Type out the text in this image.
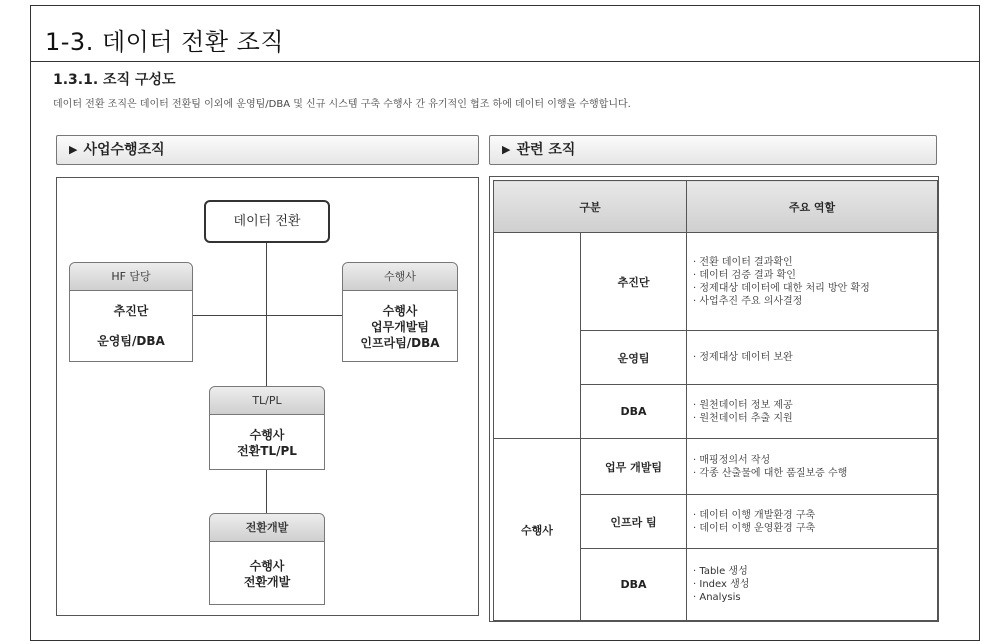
1-3. 데이터 전환 조직
1.3.1. 조직 구성도
데이터 전환 조직은 데이터 전환팀 이외에 운영팀/DBA 및 신규 시스템 구축 수행사 간 유기적인 협조 하에 데이터 이행을 수행합니다.
▶ 사업수행조직	▶ 관련 조직
데이터 전환
HF 담당
추진단
운영팀/DBA
수행사
수행사
업무개발팀
인프라팀/DBA
TL/PL
수행사
전환TL/PL
전환개발
수행사
전환개발
구분		주요 역할
	추진단	· 전환 데이터 결과확인
· 데이터 검증 결과 확인
· 정제대상 데이터에 대한 처리 방안 확정
· 사업추진 주요 의사결정

	운영팀	· 정제대상 데이터 보완

	DBA	· 원천데이터 정보 제공
· 원천데이터 추출 지원

수행사	업무 개발팀	· 매핑정의서 작성
· 각종 산출물에 대한 품질보증 수행

	인프라 팀	· 데이터 이행 개발환경 구축
· 데이터 이행 운영환경 구축

	DBA	· Table 생성
· Index 생성
· Analysis
